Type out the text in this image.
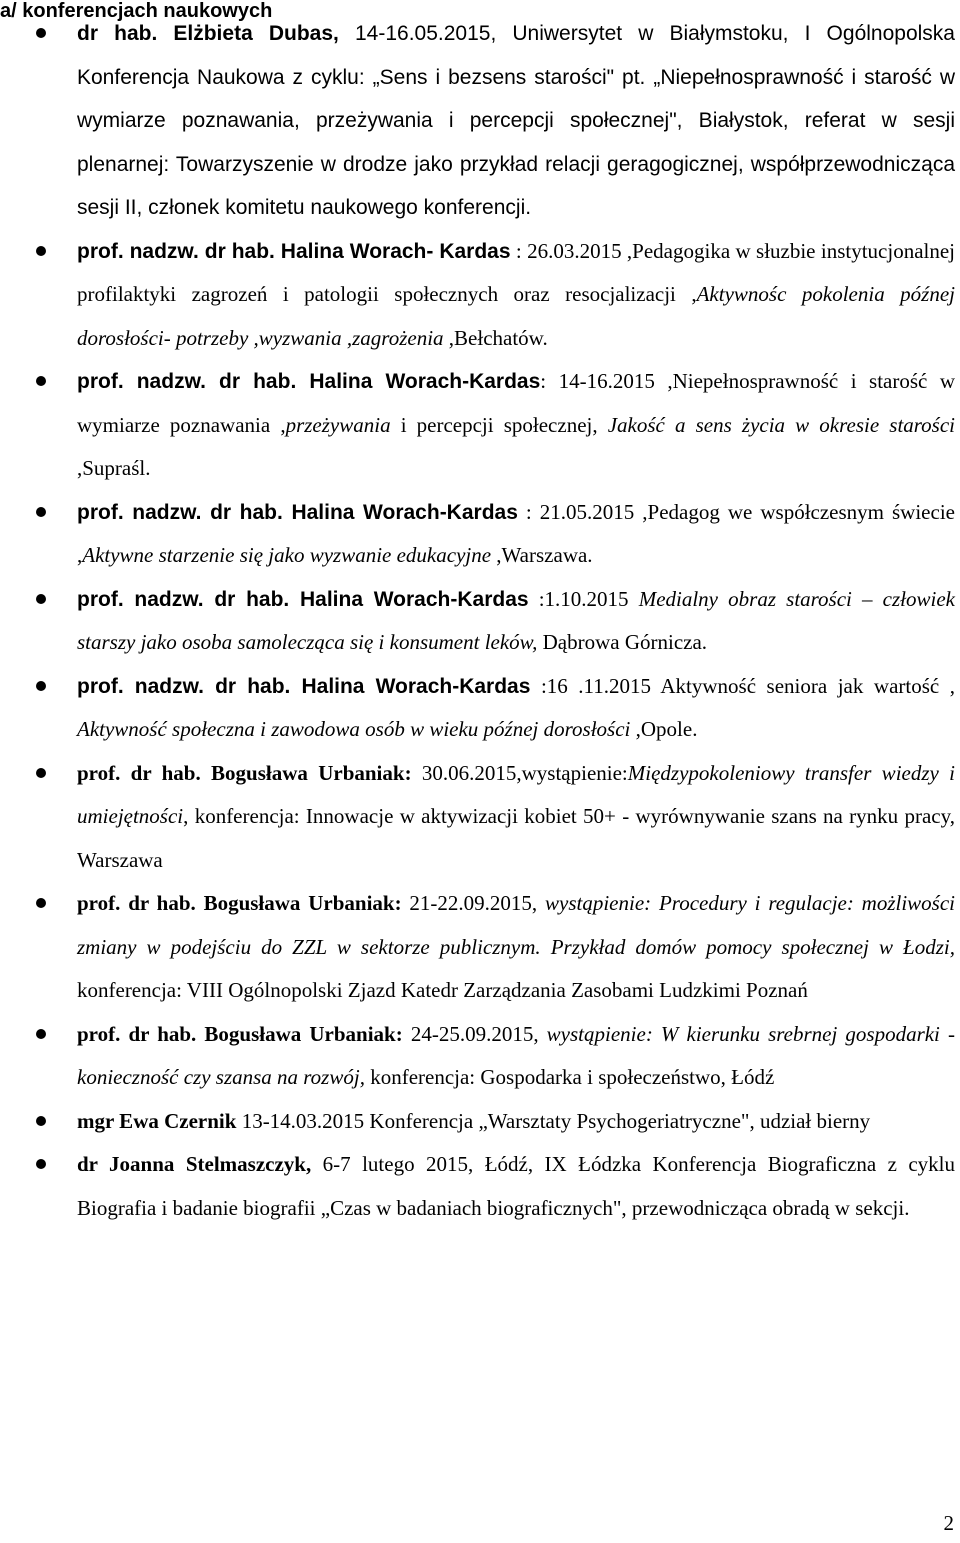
a/ konferencjach naukowych

dr hab. Elżbieta Dubas, 14-16.05.2015, Uniwersytet w Białymstoku, I Ogólnopolska Konferencja Naukowa z cyklu: „Sens i bezsens starości" pt. „Niepełnosprawność i starość w wymiarze poznawania, przeżywania i percepcji społecznej", Białystok, referat w sesji plenarnej: Towarzyszenie w drodze jako przykład relacji geragogicznej, współprzewodnicząca sesji II, członek komitetu naukowego konferencji.
prof. nadzw. dr hab. Halina Worach- Kardas : 26.03.2015 ,Pedagogika w słuzbie instytucjonalnej profilaktyki zagrozeń i patologii społecznych oraz resocjalizacji ,Aktywnośc pokolenia późnej dorosłości- potrzeby ,wyzwania ,zagrożenia ,Bełchatów.
prof. nadzw. dr hab. Halina Worach-Kardas: 14-16.2015 ,Niepełnosprawność i starość w wymiarze poznawania ,przeżywania i percepcji społecznej, Jakość a sens życia w okresie starości ,Supraśl.
prof. nadzw. dr hab. Halina Worach-Kardas : 21.05.2015 ,Pedagog we współczesnym świecie ,Aktywne starzenie się jako wyzwanie edukacyjne ,Warszawa.
prof. nadzw. dr hab. Halina Worach-Kardas :1.10.2015 Medialny obraz starości – człowiek starszy jako osoba samolecząca się i konsument leków, Dąbrowa Górnicza.
prof. nadzw. dr hab. Halina Worach-Kardas :16 .11.2015 Aktywność seniora jak wartość , Aktywność społeczna i zawodowa osób w wieku późnej dorosłości ,Opole.
prof. dr hab. Bogusława Urbaniak: 30.06.2015,wystąpienie:Międzypokoleniowy transfer wiedzy i umiejętności, konferencja: Innowacje w aktywizacji kobiet 50+ - wyrównywanie szans na rynku pracy, Warszawa
prof. dr hab. Bogusława Urbaniak: 21-22.09.2015, wystąpienie: Procedury i regulacje: możliwości zmiany w podejściu do ZZL w sektorze publicznym. Przykład domów pomocy społecznej w Łodzi, konferencja: VIII Ogólnopolski Zjazd Katedr Zarządzania Zasobami Ludzkimi Poznań
prof. dr hab. Bogusława Urbaniak: 24-25.09.2015, wystąpienie: W kierunku srebrnej gospodarki - konieczność czy szansa na rozwój, konferencja: Gospodarka i społeczeństwo, Łódź
mgr Ewa Czernik 13-14.03.2015 Konferencja „Warsztaty Psychogeriatryczne", udział bierny
dr Joanna Stelmaszczyk, 6-7 lutego 2015, Łódź, IX Łódzka Konferencja Biograficzna z cyklu Biografia i badanie biografii „Czas w badaniach biograficznych", przewodnicząca obradą w sekcji.

2
